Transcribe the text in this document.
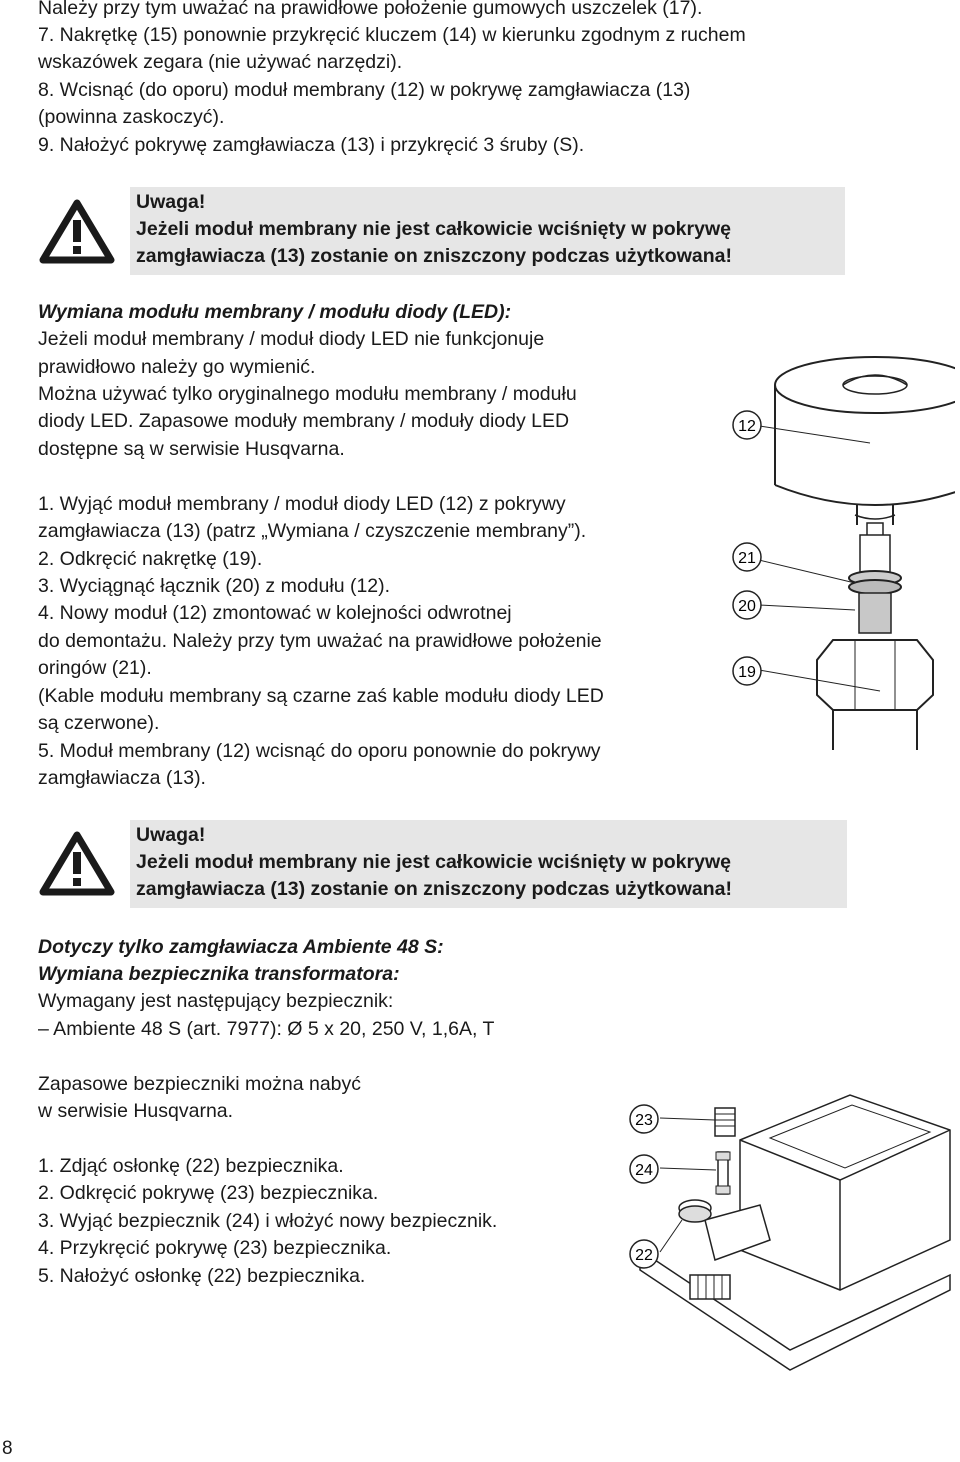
Należy przy tym uważać na prawidłowe położenie gumowych uszczelek (17).
7. Nakrętkę (15) ponownie przykręcić kluczem (14) w kierunku zgodnym z ruchem
wskazówek zegara (nie używać narzędzi).
8. Wcisnąć (do oporu) moduł membrany (12) w pokrywę zamgławiacza (13)
(powinna zaskoczyć).
9. Nałożyć pokrywę zamgławiacza (13) i przykręcić 3 śruby (S).
Uwaga!
Jeżeli moduł membrany nie jest całkowicie wciśnięty w pokrywę
zamgławiacza (13) zostanie on zniszczony podczas użytkowana!
Wymiana modułu membrany / modułu diody (LED):
Jeżeli moduł membrany / moduł diody LED nie funkcjonuje
prawidłowo należy go wymienić.
Można używać tylko oryginalnego modułu membrany / modułu
diody LED. Zapasowe moduły membrany / moduły diody LED
dostępne są w serwisie Husqvarna.
1. Wyjąć moduł membrany / moduł diody LED (12) z pokrywy
zamgławiacza (13) (patrz „Wymiana / czyszczenie membrany”).
2. Odkręcić nakrętkę (19).
3. Wyciągnąć łącznik (20) z modułu (12).
4. Nowy moduł (12) zmontować w kolejności odwrotnej
do demontażu. Należy przy tym uważać na prawidłowe położenie
oringów (21).
(Kable modułu membrany są czarne zaś kable modułu diody LED
są czerwone).
5. Moduł membrany (12) wcisnąć do oporu ponownie do pokrywy
zamgławiacza (13).
12
21
20
19
Uwaga!
Jeżeli moduł membrany nie jest całkowicie wciśnięty w pokrywę
zamgławiacza (13) zostanie on zniszczony podczas użytkowana!
Dotyczy tylko zamgławiacza Ambiente 48 S:
Wymiana bezpiecznika transformatora:
Wymagany jest następujący bezpiecznik:
– Ambiente 48 S (art. 7977): Ø 5 x 20, 250 V, 1,6A, T
Zapasowe bezpieczniki można nabyć
w serwisie Husqvarna.
1. Zdjąć osłonkę (22) bezpiecznika.
2. Odkręcić pokrywę (23) bezpiecznika.
3. Wyjąć bezpiecznik (24) i włożyć nowy bezpiecznik.
4. Przykręcić pokrywę (23) bezpiecznika.
5. Nałożyć osłonkę (22) bezpiecznika.
23
24
22
8
